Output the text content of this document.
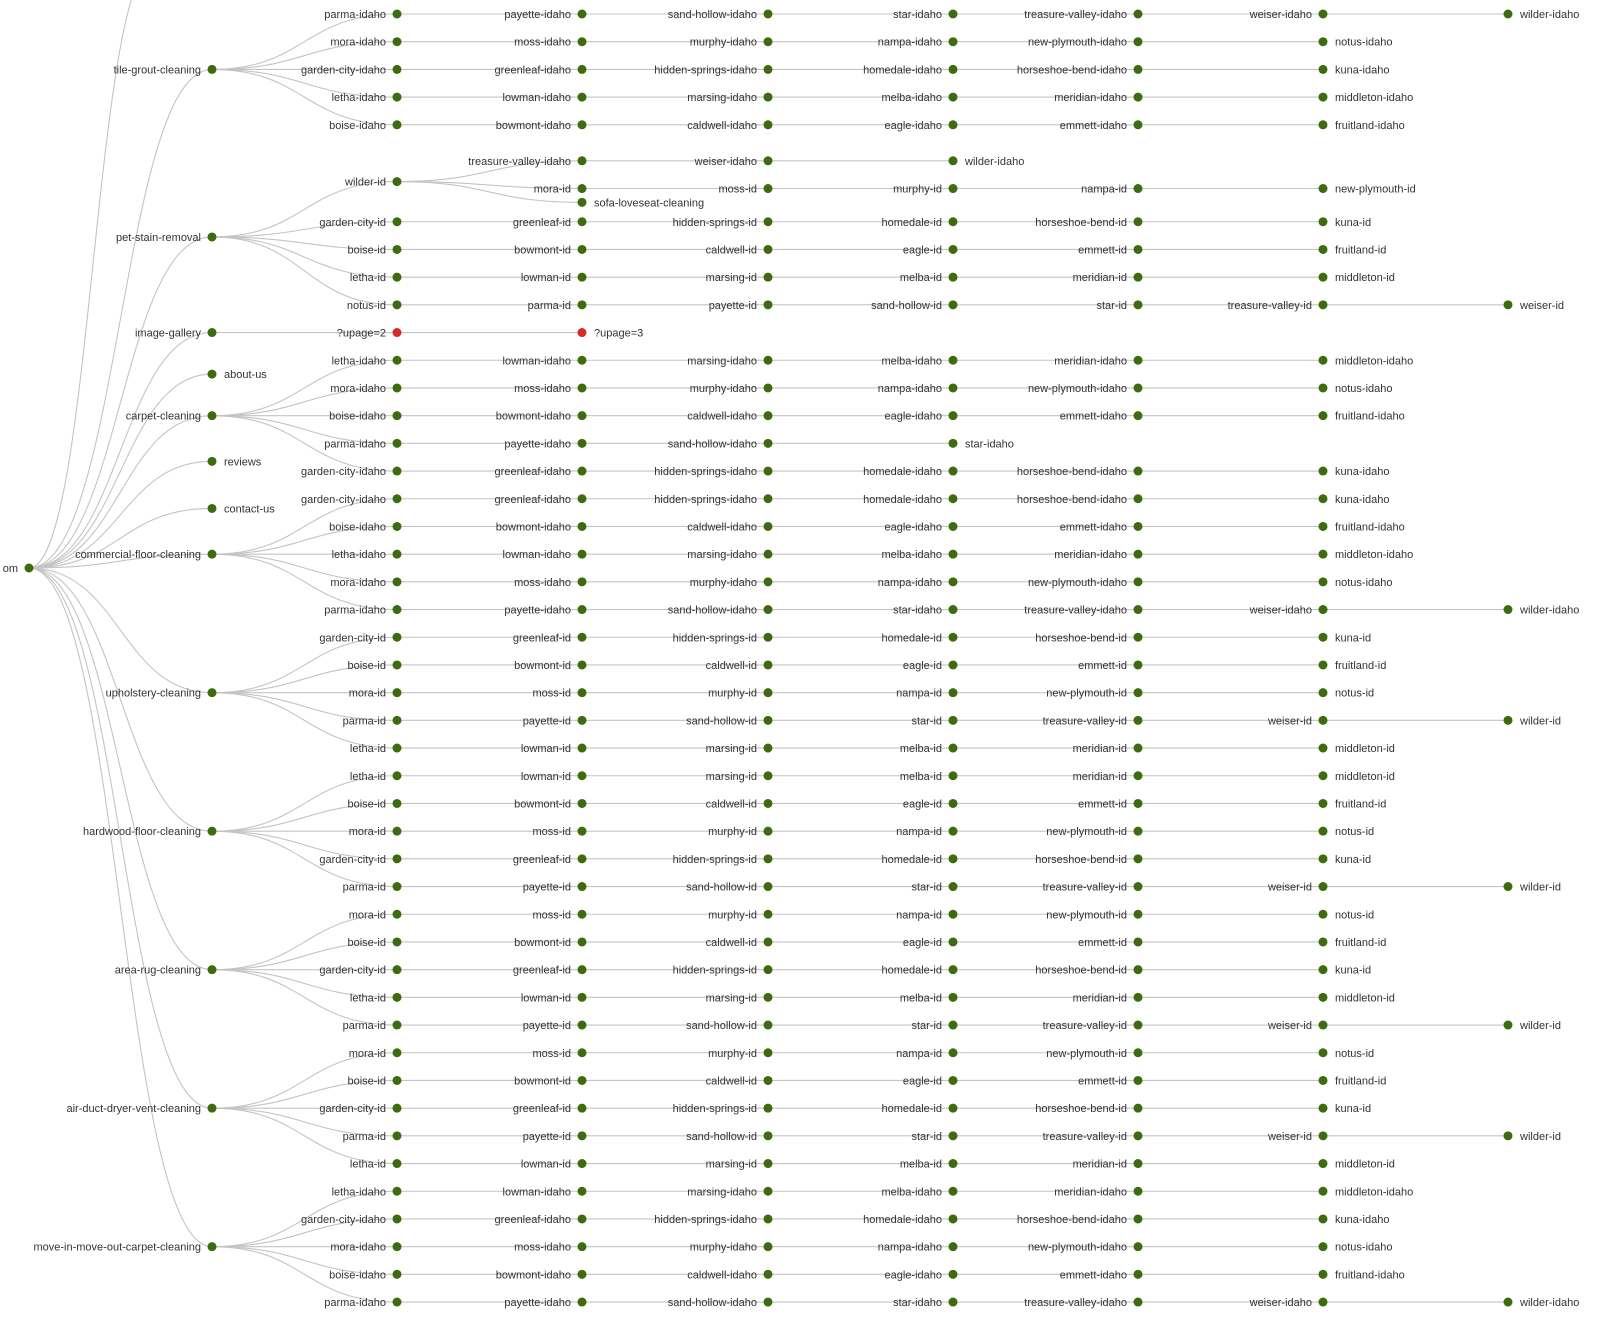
tile-grout-cleaning
parma-idaho	payette-idaho	sand-hollow-idaho	star-idaho	treasure-valley-idaho	weiser-idaho	wilder-idaho
mora-idaho	moss-idaho	murphy-idaho	nampa-idaho	new-plymouth-idaho	notus-idaho
garden-city-idaho	greenleaf-idaho	hidden-springs-idaho	homedale-idaho	horseshoe-bend-idaho	kuna-idaho
letha-idaho	lowman-idaho	marsing-idaho	melba-idaho	meridian-idaho	middleton-idaho
boise-idaho	bowmont-idaho	caldwell-idaho	eagle-idaho	emmett-idaho	fruitland-idaho
pet-stain-removal
wilder-id
treasure-valley-idaho	weiser-idaho	wilder-idaho
mora-id	moss-id	murphy-id	nampa-id	new-plymouth-id
sofa-loveseat-cleaning
garden-city-id	greenleaf-id	hidden-springs-id	homedale-id	horseshoe-bend-id	kuna-id
boise-id	bowmont-id	caldwell-id	eagle-id	emmett-id	fruitland-id
letha-id	lowman-id	marsing-id	melba-id	meridian-id	middleton-id
notus-id	parma-id	payette-id	sand-hollow-id	star-id	treasure-valley-id	weiser-id
image-gallery	?upage=2	?upage=3
about-us
carpet-cleaning
letha-idaho	lowman-idaho	marsing-idaho	melba-idaho	meridian-idaho	middleton-idaho
mora-idaho	moss-idaho	murphy-idaho	nampa-idaho	new-plymouth-idaho	notus-idaho
boise-idaho	bowmont-idaho	caldwell-idaho	eagle-idaho	emmett-idaho	fruitland-idaho
parma-idaho	payette-idaho	sand-hollow-idaho	star-idaho
garden-city-idaho	greenleaf-idaho	hidden-springs-idaho	homedale-idaho	horseshoe-bend-idaho	kuna-idaho
reviews
contact-us
commercial-floor-cleaning
garden-city-idaho	greenleaf-idaho	hidden-springs-idaho	homedale-idaho	horseshoe-bend-idaho	kuna-idaho
boise-idaho	bowmont-idaho	caldwell-idaho	eagle-idaho	emmett-idaho	fruitland-idaho
letha-idaho	lowman-idaho	marsing-idaho	melba-idaho	meridian-idaho	middleton-idaho
mora-idaho	moss-idaho	murphy-idaho	nampa-idaho	new-plymouth-idaho	notus-idaho
parma-idaho	payette-idaho	sand-hollow-idaho	star-idaho	treasure-valley-idaho	weiser-idaho	wilder-idaho
upholstery-cleaning
garden-city-id	greenleaf-id	hidden-springs-id	homedale-id	horseshoe-bend-id	kuna-id
boise-id	bowmont-id	caldwell-id	eagle-id	emmett-id	fruitland-id
mora-id	moss-id	murphy-id	nampa-id	new-plymouth-id	notus-id
parma-id	payette-id	sand-hollow-id	star-id	treasure-valley-id	weiser-id	wilder-id
letha-id	lowman-id	marsing-id	melba-id	meridian-id	middleton-id
hardwood-floor-cleaning
letha-id	lowman-id	marsing-id	melba-id	meridian-id	middleton-id
boise-id	bowmont-id	caldwell-id	eagle-id	emmett-id	fruitland-id
mora-id	moss-id	murphy-id	nampa-id	new-plymouth-id	notus-id
garden-city-id	greenleaf-id	hidden-springs-id	homedale-id	horseshoe-bend-id	kuna-id
parma-id	payette-id	sand-hollow-id	star-id	treasure-valley-id	weiser-id	wilder-id
area-rug-cleaning
mora-id	moss-id	murphy-id	nampa-id	new-plymouth-id	notus-id
boise-id	bowmont-id	caldwell-id	eagle-id	emmett-id	fruitland-id
garden-city-id	greenleaf-id	hidden-springs-id	homedale-id	horseshoe-bend-id	kuna-id
letha-id	lowman-id	marsing-id	melba-id	meridian-id	middleton-id
parma-id	payette-id	sand-hollow-id	star-id	treasure-valley-id	weiser-id	wilder-id
air-duct-dryer-vent-cleaning
mora-id	moss-id	murphy-id	nampa-id	new-plymouth-id	notus-id
boise-id	bowmont-id	caldwell-id	eagle-id	emmett-id	fruitland-id
garden-city-id	greenleaf-id	hidden-springs-id	homedale-id	horseshoe-bend-id	kuna-id
parma-id	payette-id	sand-hollow-id	star-id	treasure-valley-id	weiser-id	wilder-id
letha-id	lowman-id	marsing-id	melba-id	meridian-id	middleton-id
move-in-move-out-carpet-cleaning
letha-idaho	lowman-idaho	marsing-idaho	melba-idaho	meridian-idaho	middleton-idaho
garden-city-idaho	greenleaf-idaho	hidden-springs-idaho	homedale-idaho	horseshoe-bend-idaho	kuna-idaho
mora-idaho	moss-idaho	murphy-idaho	nampa-idaho	new-plymouth-idaho	notus-idaho
boise-idaho	bowmont-idaho	caldwell-idaho	eagle-idaho	emmett-idaho	fruitland-idaho
parma-idaho	payette-idaho	sand-hollow-idaho	star-idaho	treasure-valley-idaho	weiser-idaho	wilder-idaho
om
